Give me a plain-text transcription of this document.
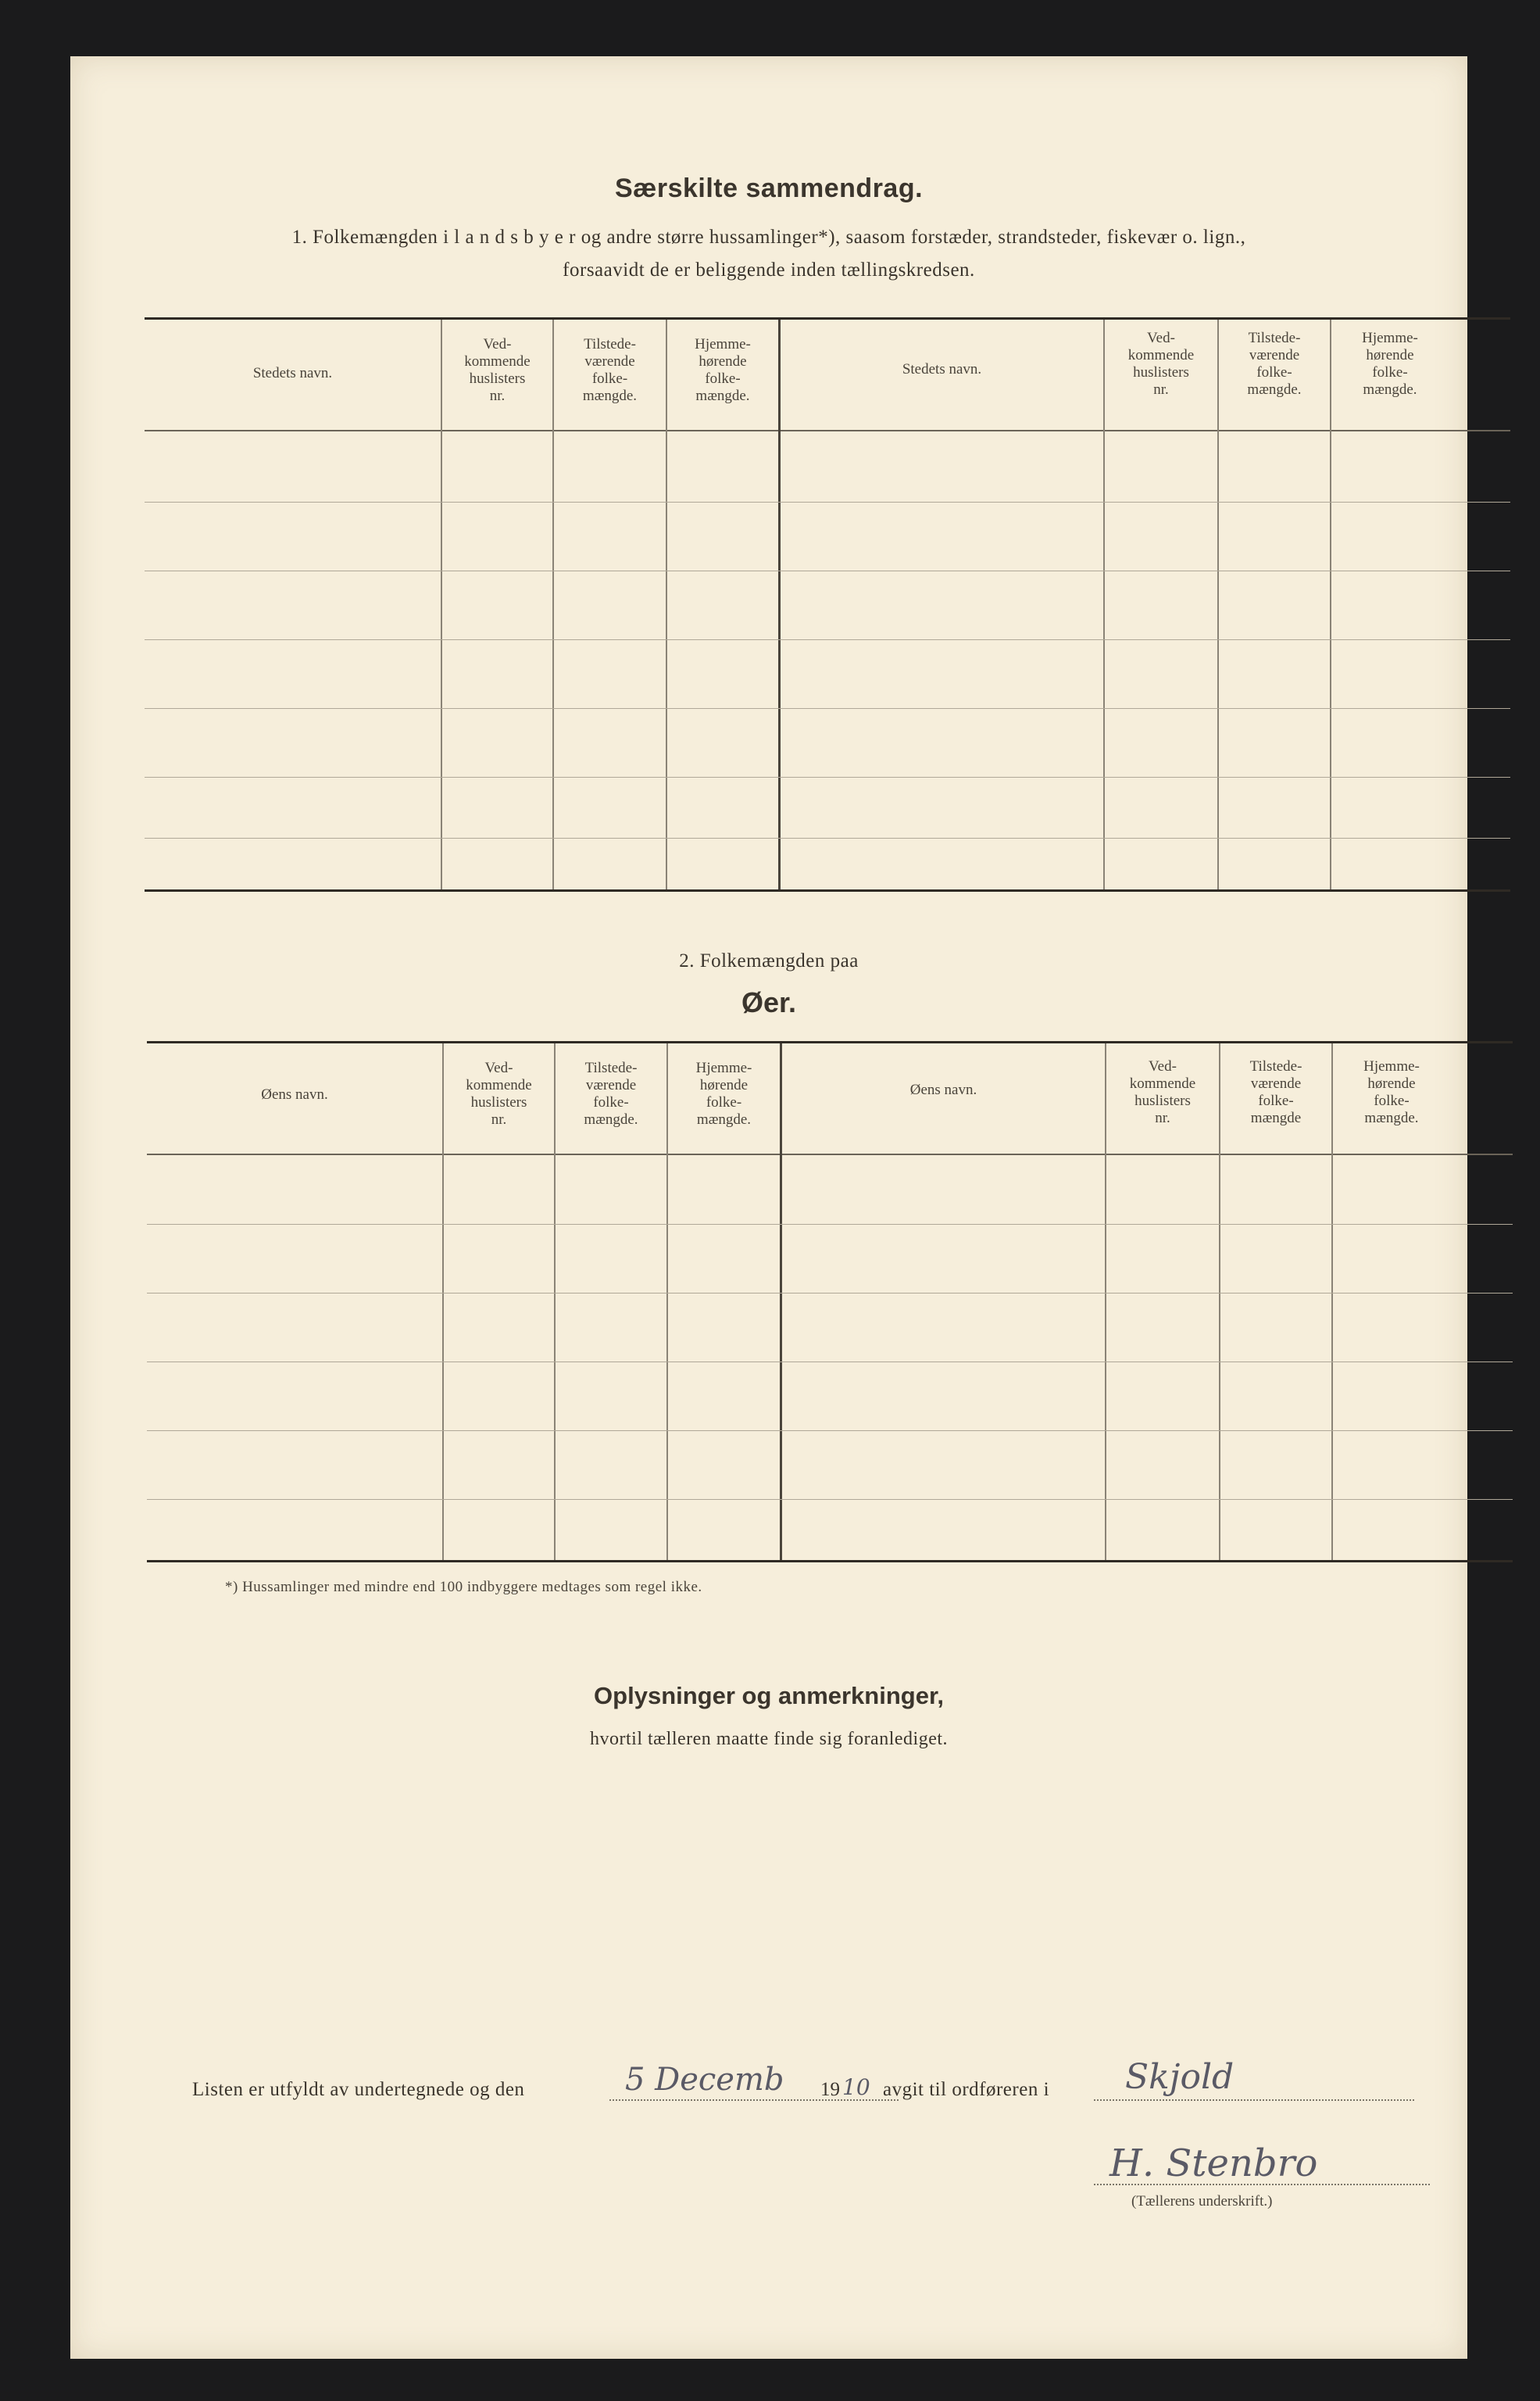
Særskilte sammendrag.
1. Folkemængden i l a n d s b y e r og andre større hussamlinger*), saasom forstæder, strandsteder, fiskevær o. lign.,
forsaavidt de er beliggende inden tællingskredsen.
Stedets navn.
Ved-
kommende
huslisters
nr.
Tilstede-
værende
folke-
mængde.
Hjemme-
hørende
folke-
mængde.
Stedets navn.
Ved-
kommende
huslisters
nr.
Tilstede-
værende
folke-
mængde.
Hjemme-
hørende
folke-
mængde.
2. Folkemængden paa
Øer.
Øens navn.
Ved-
kommende
huslisters
nr.
Tilstede-
værende
folke-
mængde.
Hjemme-
hørende
folke-
mængde.
Øens navn.
Ved-
kommende
huslisters
nr.
Tilstede-
værende
folke-
mængde
Hjemme-
hørende
folke-
mængde.
*) Hussamlinger med mindre end 100 indbyggere medtages som regel ikke.
Oplysninger og anmerkninger,
hvortil tælleren maatte finde sig foranlediget.
Listen er utfyldt av undertegnede og den	5 Decemb 19 10 avgit til ordføreren i Skjold
H. Stenbro
(Tællerens underskrift.)
